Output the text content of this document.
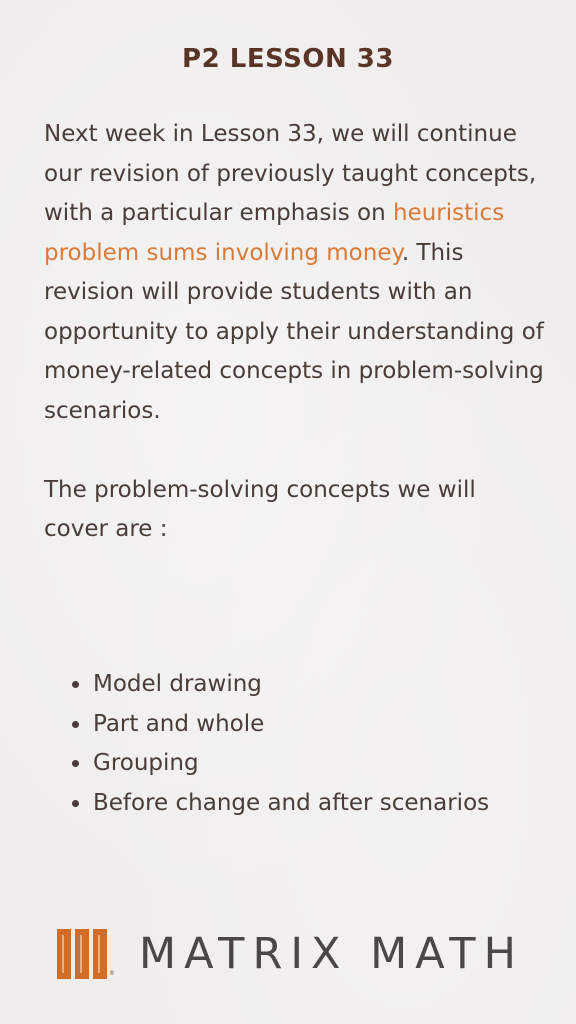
P2 LESSON 33

Next week in Lesson 33, we will continue our revision of previously taught concepts, with a particular emphasis on heuristics problem sums involving money. This revision will provide students with an opportunity to apply their understanding of money-related concepts in problem-solving scenarios.

The problem-solving concepts we will cover are :

Model drawing
Part and whole
Grouping
Before change and after scenarios
® MATRIX MATH
